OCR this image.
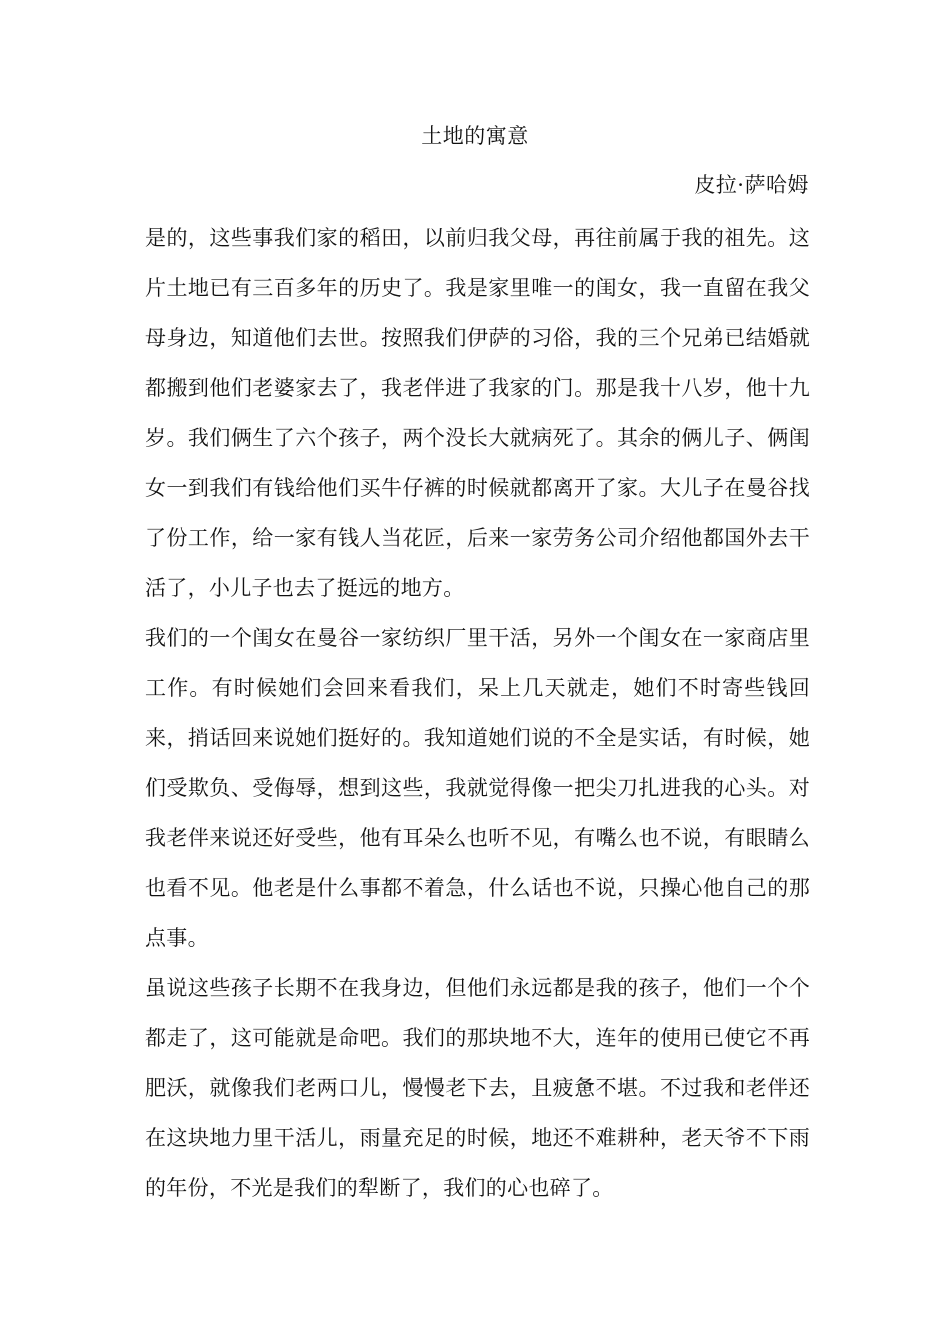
土地的寓意
皮拉·萨哈姆

是的，这些事我们家的稻田，以前归我父母，再往前属于我的祖先。这片土地已有三百多年的历史了。我是家里唯一的闺女，我一直留在我父母身边，知道他们去世。按照我们伊萨的习俗，我的三个兄弟已结婚就都搬到他们老婆家去了，我老伴进了我家的门。那是我十八岁，他十九岁。我们俩生了六个孩子，两个没长大就病死了。其余的俩儿子、俩闺女一到我们有钱给他们买牛仔裤的时候就都离开了家。大儿子在曼谷找了份工作，给一家有钱人当花匠，后来一家劳务公司介绍他都国外去干活了，小儿子也去了挺远的地方。

我们的一个闺女在曼谷一家纺织厂里干活，另外一个闺女在一家商店里工作。有时候她们会回来看我们，呆上几天就走，她们不时寄些钱回来，捎话回来说她们挺好的。我知道她们说的不全是实话，有时候，她们受欺负、受侮辱，想到这些，我就觉得像一把尖刀扎进我的心头。对我老伴来说还好受些，他有耳朵么也听不见，有嘴么也不说，有眼睛么也看不见。他老是什么事都不着急，什么话也不说，只操心他自己的那点事。

虽说这些孩子长期不在我身边，但他们永远都是我的孩子，他们一个个都走了，这可能就是命吧。我们的那块地不大，连年的使用已使它不再肥沃，就像我们老两口儿，慢慢老下去，且疲惫不堪。不过我和老伴还在这块地力里干活儿，雨量充足的时候，地还不难耕种，老天爷不下雨的年份，不光是我们的犁断了，我们的心也碎了。
